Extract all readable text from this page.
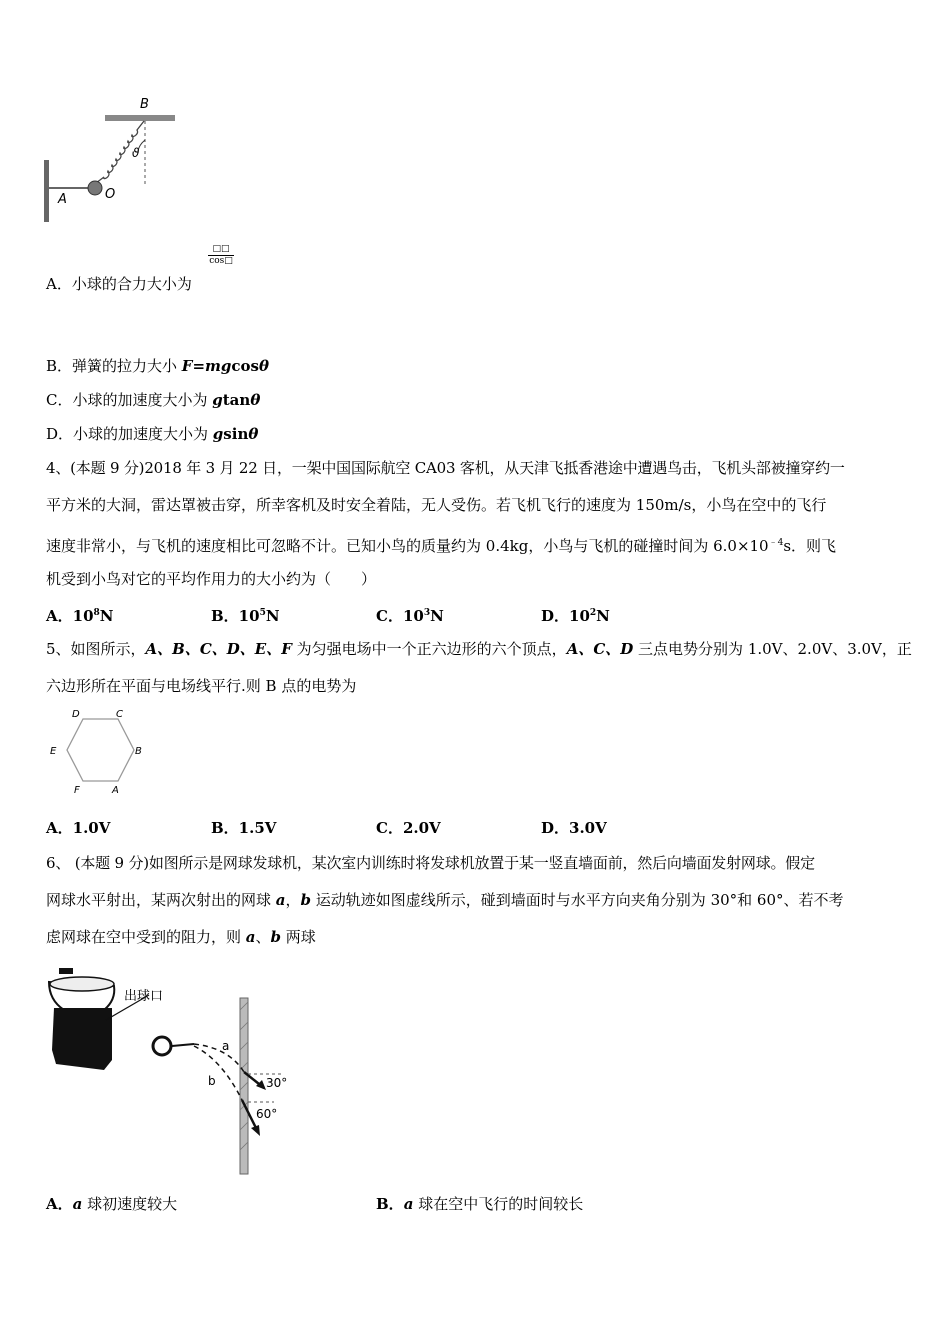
B
A	O
ϑ
□□
cos□
A．小球的合力大小为
B．弹簧的拉力大小 F=mgcosθ
C．小球的加速度大小为 gtanθ
D．小球的加速度大小为 gsinθ
4、(本题 9 分)2018 年 3 月 22 日，一架中国国际航空 CA03 客机，从天津飞抵香港途中遭遇鸟击，飞机头部被撞穿约一
平方米的大洞，雷达罩被击穿，所幸客机及时安全着陆，无人受伤。若飞机飞行的速度为 150m/s，小鸟在空中的飞行
速度非常小，与飞机的速度相比可忽略不计。已知小鸟的质量约为 0.4kg，小鸟与飞机的碰撞时间为 $6.0\times 10^{﹣4}s$．则飞
机受到小鸟对它的平均作用力的大小约为（　　）
A．$10^8N$	B．$10^5N$	C．$10^3N$	D．$10^2N$
5、如图所示，A、B、C、D、E、F 为匀强电场中一个正六边形的六个顶点，A、C、D 三点电势分别为 1.0V、2.0V、3.0V，正
六边形所在平面与电场线平行.则 B 点的电势为
D	C
E	B
F	A
A．1.0V	B．1.5V	C．2.0V	D．3.0V
6、 (本题 9 分)如图所示是网球发球机，某次室内训练时将发球机放置于某一竖直墙面前，然后向墙面发射网球。假定
网球水平射出，某两次射出的网球 a，b 运动轨迹如图虚线所示，碰到墙面时与水平方向夹角分别为 30°和 60°、若不考
虑网球在空中受到的阻力，则 a、b 两球
出球口
a
b	30°
60°
A．a 球初速度较大	B．a 球在空中飞行的时间较长
